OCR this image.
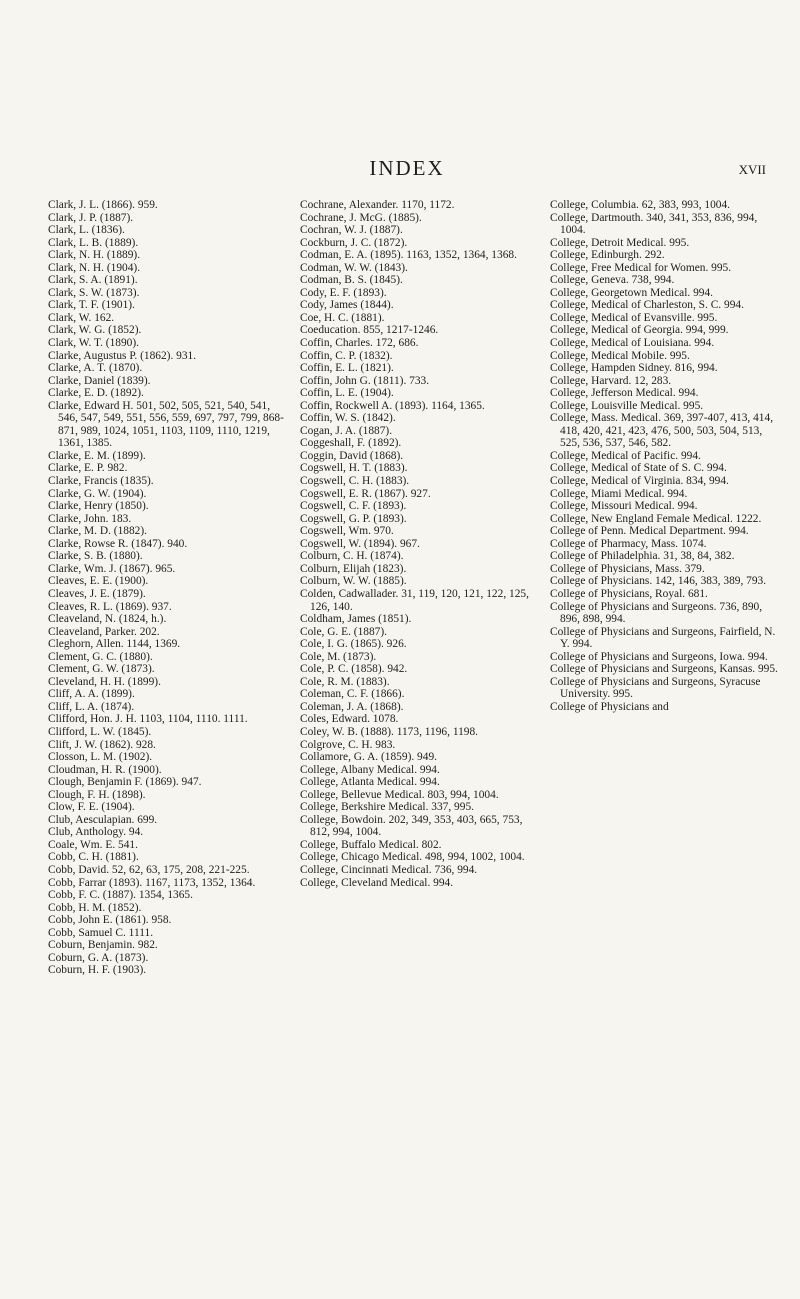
INDEX	xvii

Clark, J. L. (1866). 959.

Clark, J. P. (1887).

Clark, L. (1836).

Clark, L. B. (1889).

Clark, N. H. (1889).

Clark, N. H. (1904).

Clark, S. A. (1891).

Clark, S. W. (1873).

Clark, T. F. (1901).

Clark, W. 162.

Clark, W. G. (1852).

Clark, W. T. (1890).

Clarke, Augustus P. (1862). 931.

Clarke, A. T. (1870).

Clarke, Daniel (1839).

Clarke, E. D. (1892).

Clarke, Edward H. 501, 502, 505, 521, 540, 541, 546, 547, 549, 551, 556, 559, 697, 797, 799, 868-871, 989, 1024, 1051, 1103, 1109, 1110, 1219, 1361, 1385.

Clarke, E. M. (1899).

Clarke, E. P. 982.

Clarke, Francis (1835).

Clarke, G. W. (1904).

Clarke, Henry (1850).

Clarke, John. 183.

Clarke, M. D. (1882).

Clarke, Rowse R. (1847). 940.

Clarke, S. B. (1880).

Clarke, Wm. J. (1867). 965.

Cleaves, E. E. (1900).

Cleaves, J. E. (1879).

Cleaves, R. L. (1869). 937.

Cleaveland, N. (1824, h.).

Cleaveland, Parker. 202.

Cleghorn, Allen. 1144, 1369.

Clement, G. C. (1880).

Clement, G. W. (1873).

Cleveland, H. H. (1899).

Cliff, A. A. (1899).

Cliff, L. A. (1874).

Clifford, Hon. J. H. 1103, 1104, 1110. 1111.

Clifford, L. W. (1845).

Clift, J. W. (1862). 928.

Closson, L. M. (1902).

Cloudman, H. R. (1900).

Clough, Benjamin F. (1869). 947.

Clough, F. H. (1898).

Clow, F. E. (1904).

Club, Aesculapian. 699.

Club, Anthology. 94.

Coale, Wm. E. 541.

Cobb, C. H. (1881).

Cobb, David. 52, 62, 63, 175, 208, 221-225.

Cobb, Farrar (1893). 1167, 1173, 1352, 1364.

Cobb, F. C. (1887). 1354, 1365.

Cobb, H. M. (1852).

Cobb, John E. (1861). 958.

Cobb, Samuel C. 1111.

Coburn, Benjamin. 982.

Coburn, G. A. (1873).

Coburn, H. F. (1903).

Cochrane, Alexander. 1170, 1172.

Cochrane, J. McG. (1885).

Cochran, W. J. (1887).

Cockburn, J. C. (1872).

Codman, E. A. (1895). 1163, 1352, 1364, 1368.

Codman, W. W. (1843).

Codman, B. S. (1845).

Cody, E. F. (1893).

Cody, James (1844).

Coe, H. C. (1881).

Coeducation. 855, 1217-1246.

Coffin, Charles. 172, 686.

Coffin, C. P. (1832).

Coffin, E. L. (1821).

Coffin, John G. (1811). 733.

Coffin, L. E. (1904).

Coffin, Rockwell A. (1893). 1164, 1365.

Coffin, W. S. (1842).

Cogan, J. A. (1887).

Coggeshall, F. (1892).

Coggin, David (1868).

Cogswell, H. T. (1883).

Cogswell, C. H. (1883).

Cogswell, E. R. (1867). 927.

Cogswell, C. F. (1893).

Cogswell, G. P. (1893).

Cogswell, Wm. 970.

Cogswell, W. (1894). 967.

Colburn, C. H. (1874).

Colburn, Elijah (1823).

Colburn, W. W. (1885).

Colden, Cadwallader. 31, 119, 120, 121, 122, 125, 126, 140.

Coldham, James (1851).

Cole, G. E. (1887).

Cole, I. G. (1865). 926.

Cole, M. (1873).

Cole, P. C. (1858). 942.

Cole, R. M. (1883).

Coleman, C. F. (1866).

Coleman, J. A. (1868).

Coles, Edward. 1078.

Coley, W. B. (1888). 1173, 1196, 1198.

Colgrove, C. H. 983.

Collamore, G. A. (1859). 949.

College, Albany Medical. 994.

College, Atlanta Medical. 994.

College, Bellevue Medical. 803, 994, 1004.

College, Berkshire Medical. 337, 995.

College, Bowdoin. 202, 349, 353, 403, 665, 753, 812, 994, 1004.

College, Buffalo Medical. 802.

College, Chicago Medical. 498, 994, 1002, 1004.

College, Cincinnati Medical. 736, 994.

College, Cleveland Medical. 994.

College, Columbia. 62, 383, 993, 1004.

College, Dartmouth. 340, 341, 353, 836, 994, 1004.

College, Detroit Medical. 995.

College, Edinburgh. 292.

College, Free Medical for Women. 995.

College, Geneva. 738, 994.

College, Georgetown Medical. 994.

College, Medical of Charleston, S. C. 994.

College, Medical of Evansville. 995.

College, Medical of Georgia. 994, 999.

College, Medical of Louisiana. 994.

College, Medical Mobile. 995.

College, Hampden Sidney. 816, 994.

College, Harvard. 12, 283.

College, Jefferson Medical. 994.

College, Louisville Medical. 995.

College, Mass. Medical. 369, 397-407, 413, 414, 418, 420, 421, 423, 476, 500, 503, 504, 513, 525, 536, 537, 546, 582.

College, Medical of Pacific. 994.

College, Medical of State of S. C. 994.

College, Medical of Virginia. 834, 994.

College, Miami Medical. 994.

College, Missouri Medical. 994.

College, New England Female Medical. 1222.

College of Penn. Medical Department. 994.

College of Pharmacy, Mass. 1074.

College of Philadelphia. 31, 38, 84, 382.

College of Physicians, Mass. 379.

College of Physicians. 142, 146, 383, 389, 793.

College of Physicians, Royal. 681.

College of Physicians and Surgeons. 736, 890, 896, 898, 994.

College of Physicians and Surgeons, Fairfield, N. Y. 994.

College of Physicians and Surgeons, Iowa. 994.

College of Physicians and Surgeons, Kansas. 995.

College of Physicians and Surgeons, Syracuse University. 995.

College of Physicians and
